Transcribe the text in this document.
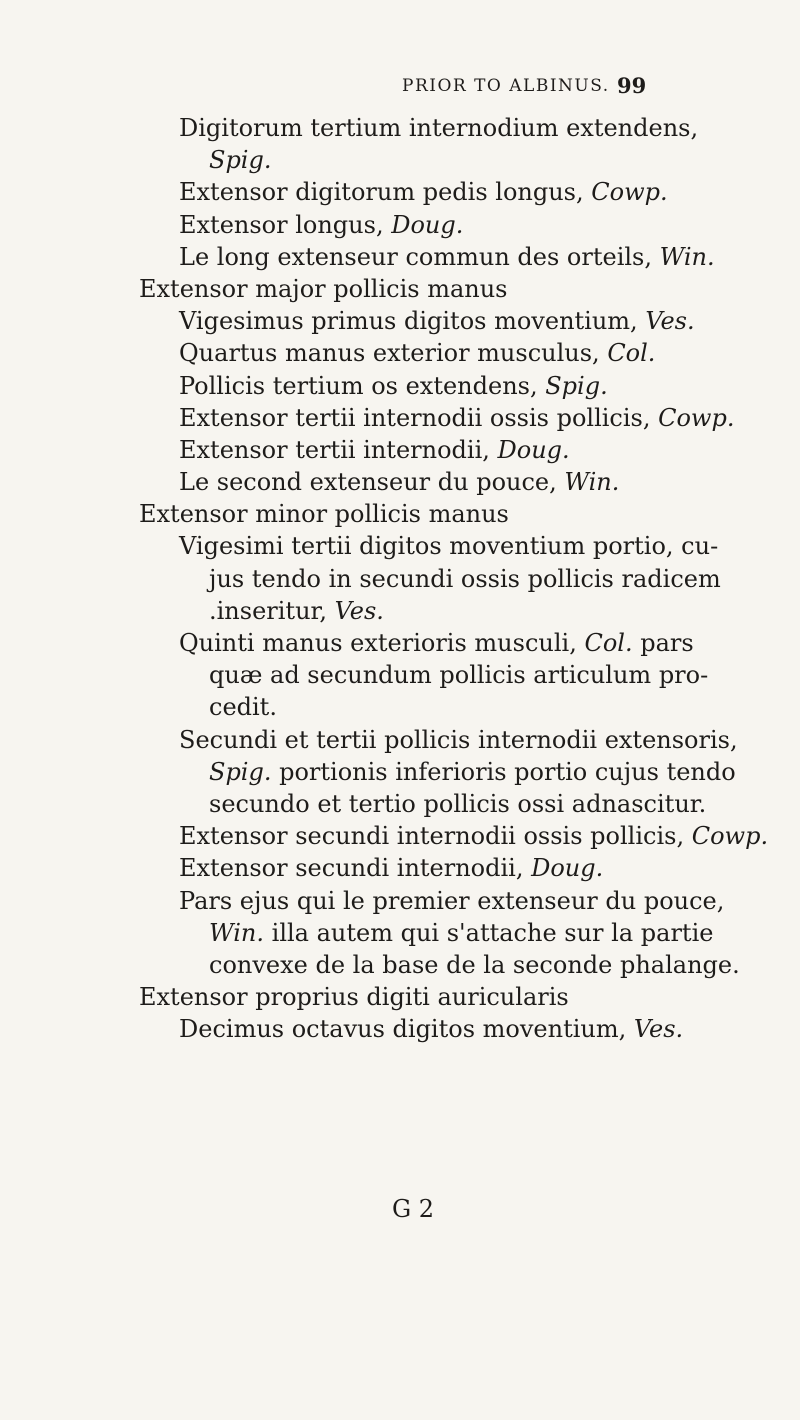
PRIOR TO ALBINUS. 99
Digitorum tertium internodium extendens,
Spig.
Extensor digitorum pedis longus, Cowp.
Extensor longus, Doug.
Le long extenseur commun des orteils, Win.
Extensor major pollicis manus
Vigesimus primus digitos moventium, Ves.
Quartus manus exterior musculus, Col.
Pollicis tertium os extendens, Spig.
Extensor tertii internodii ossis pollicis, Cowp.
Extensor tertii internodii, Doug.
Le second extenseur du pouce, Win.
Extensor minor pollicis manus
Vigesimi tertii digitos moventium portio, cu-
jus tendo in secundi ossis pollicis radicem
.inseritur, Ves.
Quinti manus exterioris musculi, Col. pars
quæ ad secundum pollicis articulum pro-
cedit.
Secundi et tertii pollicis internodii extensoris,
Spig. portionis inferioris portio cujus tendo
secundo et tertio pollicis ossi adnascitur.
Extensor secundi internodii ossis pollicis, Cowp.
Extensor secundi internodii, Doug.
Pars ejus qui le premier extenseur du pouce,
Win. illa autem qui s'attache sur la partie
convexe de la base de la seconde phalange.
Extensor proprius digiti auricularis
Decimus octavus digitos moventium, Ves.
G 2
